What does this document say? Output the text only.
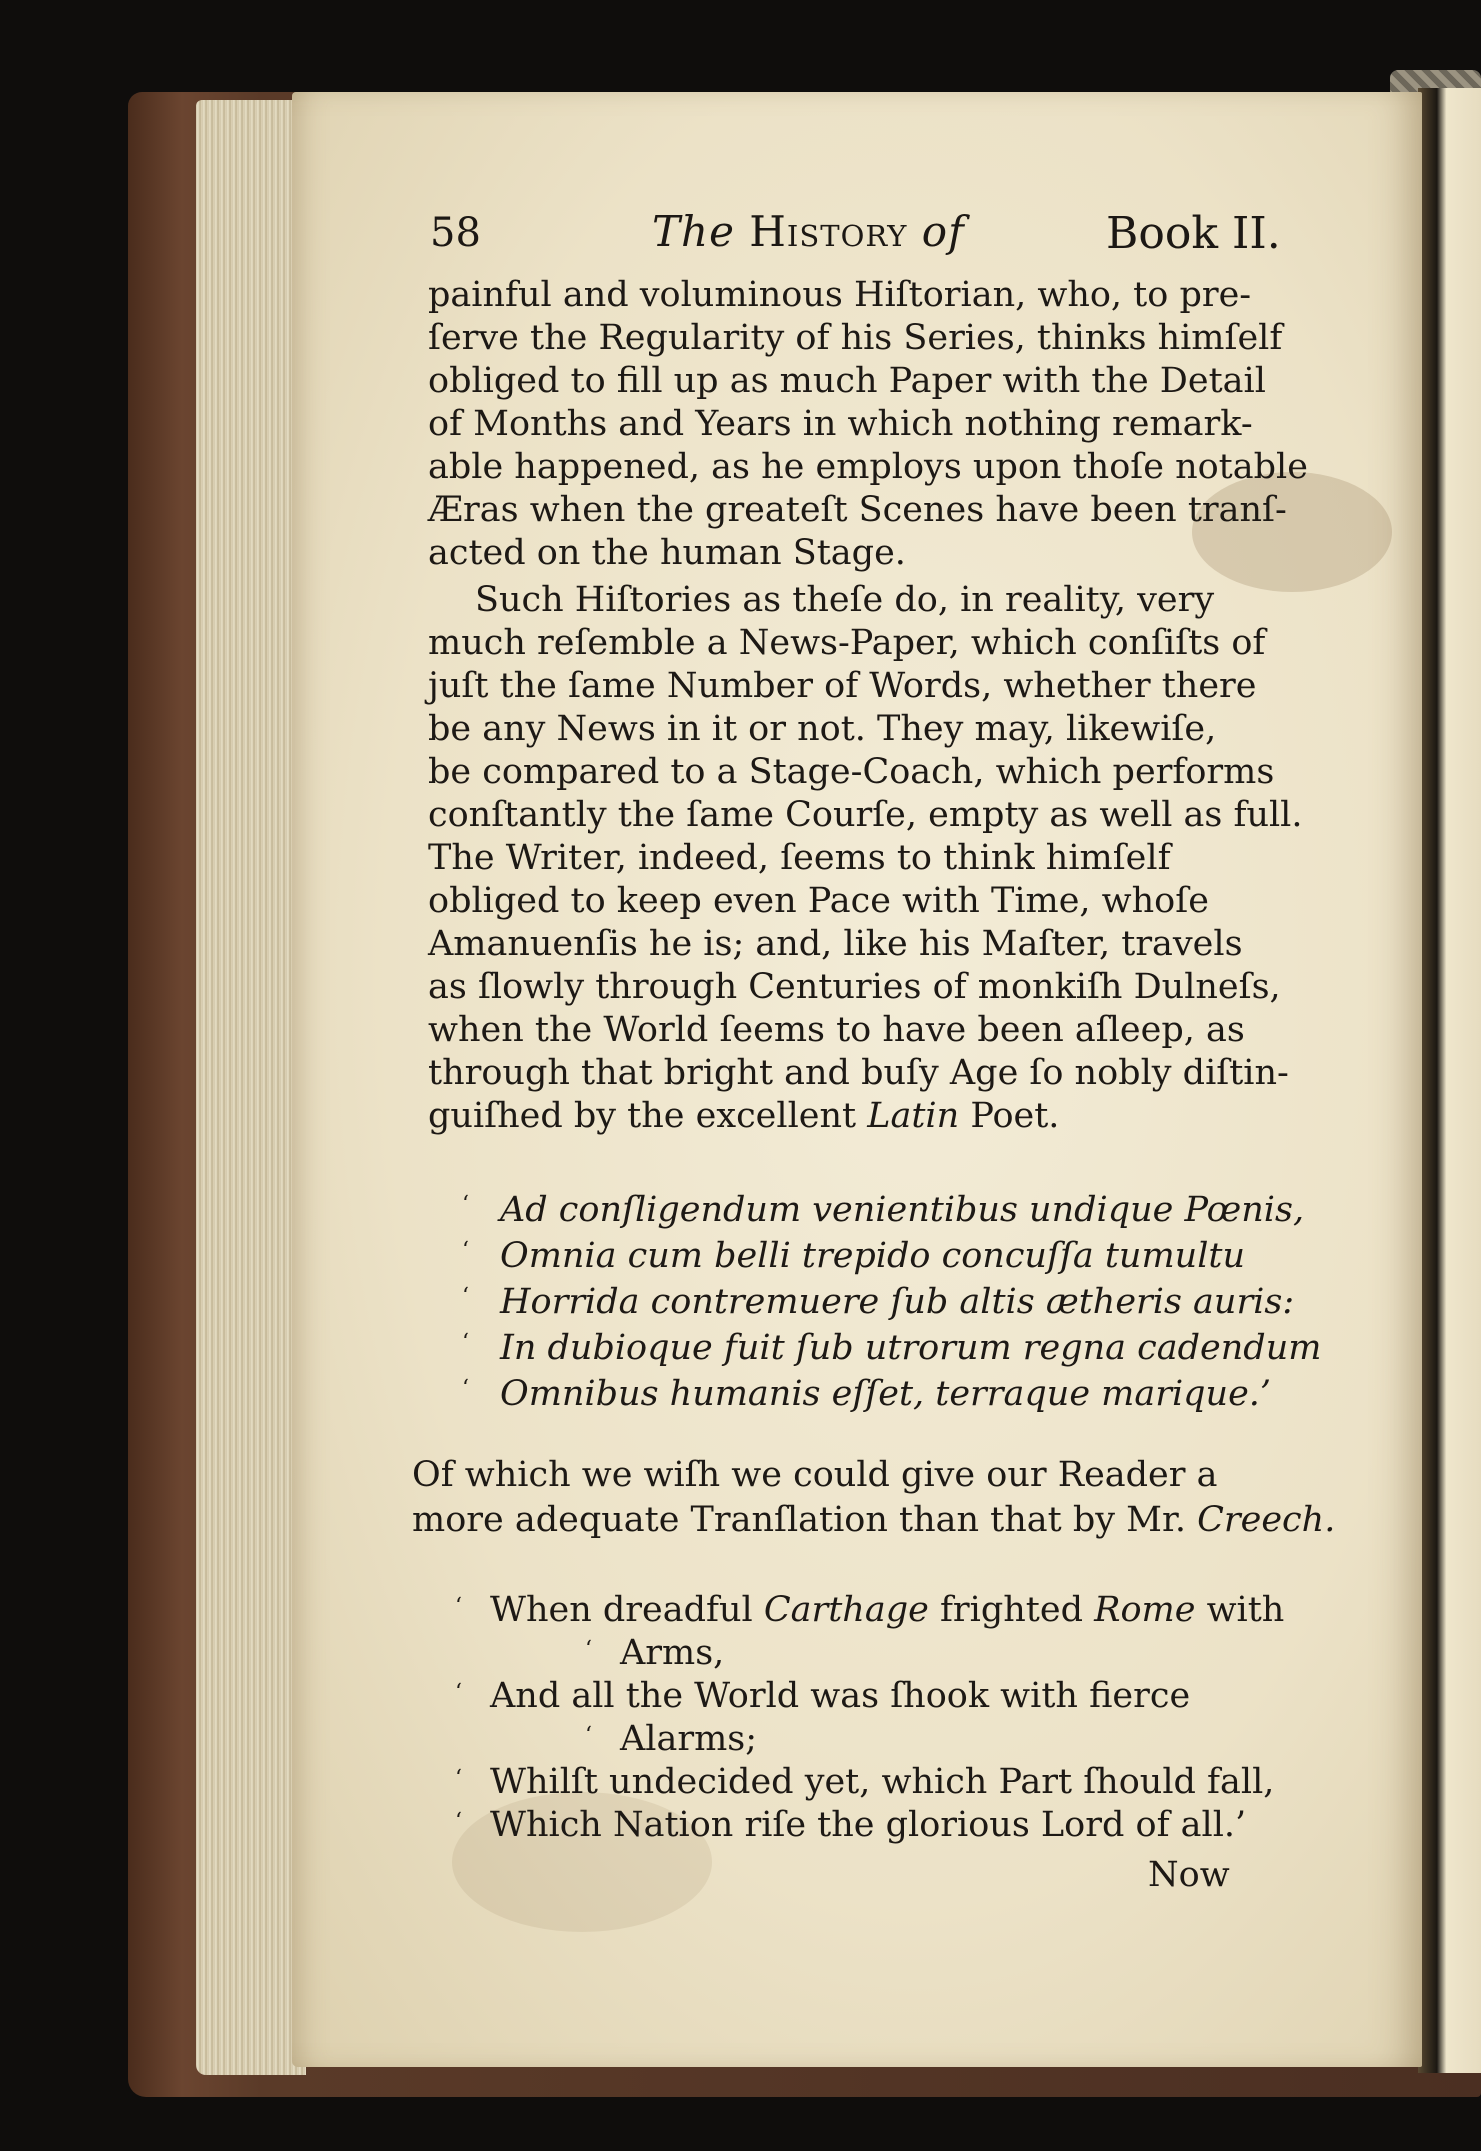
58	The History of	Book II.
painful and voluminous Hiſtorian, who, to pre-
ſerve the Regularity of his Series, thinks himſelf
obliged to fill up as much Paper with the Detail
of Months and Years in which nothing remark-
able happened, as he employs upon thoſe notable
Æras when the greateſt Scenes have been tranſ-
acted on the human Stage.
Such Hiſtories as theſe do, in reality, very
much reſemble a News-Paper, which conſiſts of
juſt the ſame Number of Words, whether there
be any News in it or not. They may, likewiſe,
be compared to a Stage-Coach, which performs
conſtantly the ſame Courſe, empty as well as full.
The Writer, indeed, ſeems to think himſelf
obliged to keep even Pace with Time, whoſe
Amanuenſis he is; and, like his Maſter, travels
as ſlowly through Centuries of monkiſh Dulneſs,
when the World ſeems to have been aſleep, as
through that bright and buſy Age ſo nobly diſtin-
guiſhed by the excellent Latin Poet.
‘ Ad conſligendum venientibus undique Pœnis,
‘ Omnia cum belli trepido concuſſa tumultu
‘ Horrida contremuere ſub altis ætheris auris:
‘ In dubioque fuit ſub utrorum regna cadendum
‘ Omnibus humanis eſſet, terraque marique.’
Of which we wiſh we could give our Reader a
more adequate Tranſlation than that by Mr. Creech.
‘ When dreadful Carthage frighted Rome with
‘ Arms,
‘ And all the World was ſhook with fierce
‘ Alarms;
‘ Whilſt undecided yet, which Part ſhould fall,
‘ Which Nation riſe the glorious Lord of all.’
Now
